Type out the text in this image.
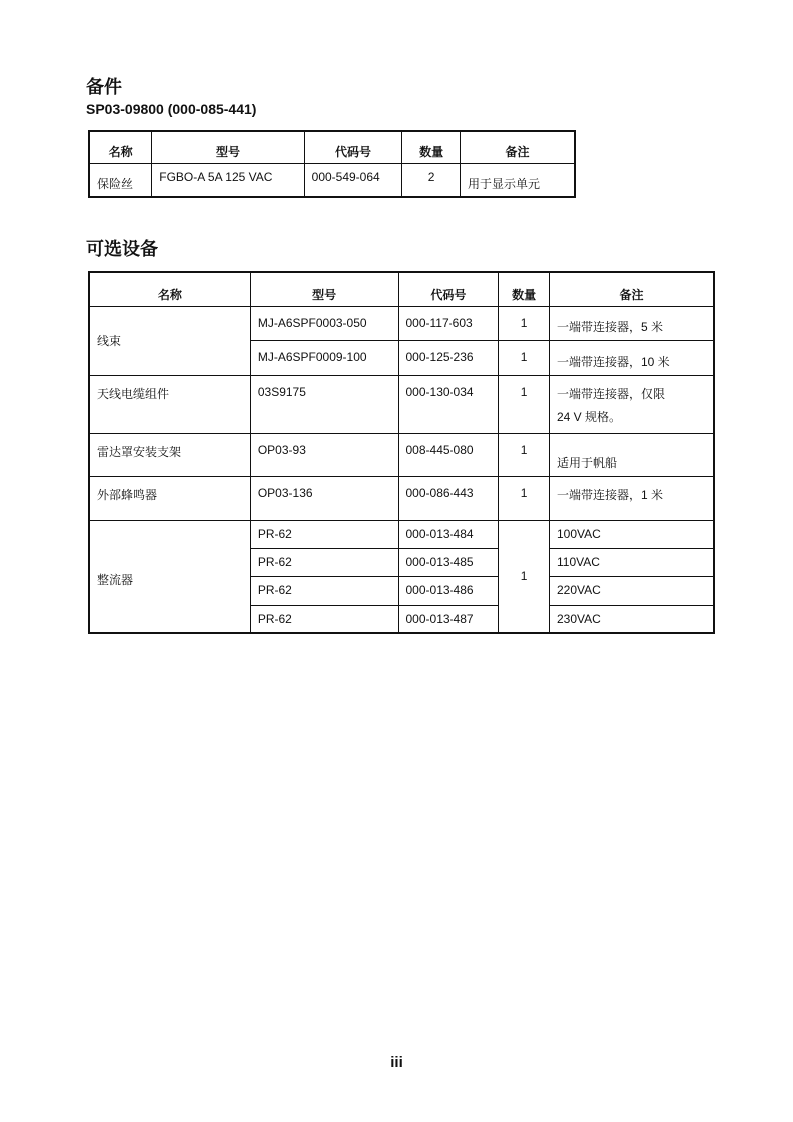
备件
SP03-09800 (000-085-441)
名称	型号	代码号	数量	备注
保险丝	FGBO-A 5A 125 VAC	000-549-064	2	用于显示单元
可选设备
名称	型号	代码号	数量	备注
线束	MJ-A6SPF0003-050	000-117-603	1	一端带连接器，5 米
	MJ-A6SPF0009-100	000-125-236	1	一端带连接器，10 米
天线电缆组件	03S9175	000-130-034	1	一端带连接器，仅限
24 V 规格。

雷达罩安装支架	OP03-93	008-445-080	1	适用于帆船
外部蜂鸣器	OP03-136	000-086-443	1	一端带连接器，1 米
整流器	PR-62	000-013-484	1	100VAC
	PR-62	000-013-485		110VAC
	PR-62	000-013-486		220VAC
	PR-62	000-013-487		230VAC
iii
